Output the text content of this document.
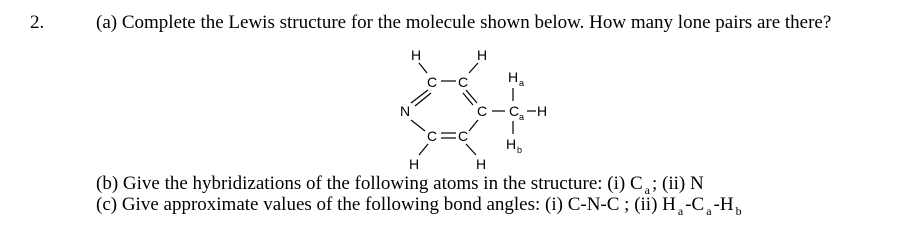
2.	(a) Complete the Lewis structure for the molecule shown below. How many lone pairs are there?
H	H
C C
N	C
C C
H	H
H a
C a H
H b
(b) Give the hybridizations of the following atoms in the structure: (i) C $_a$ ; (ii) N
(c) Give approximate values of the following bond angles: (i) C-N-C ; (ii) H $_a$ -C $_a$ -H $_b$
